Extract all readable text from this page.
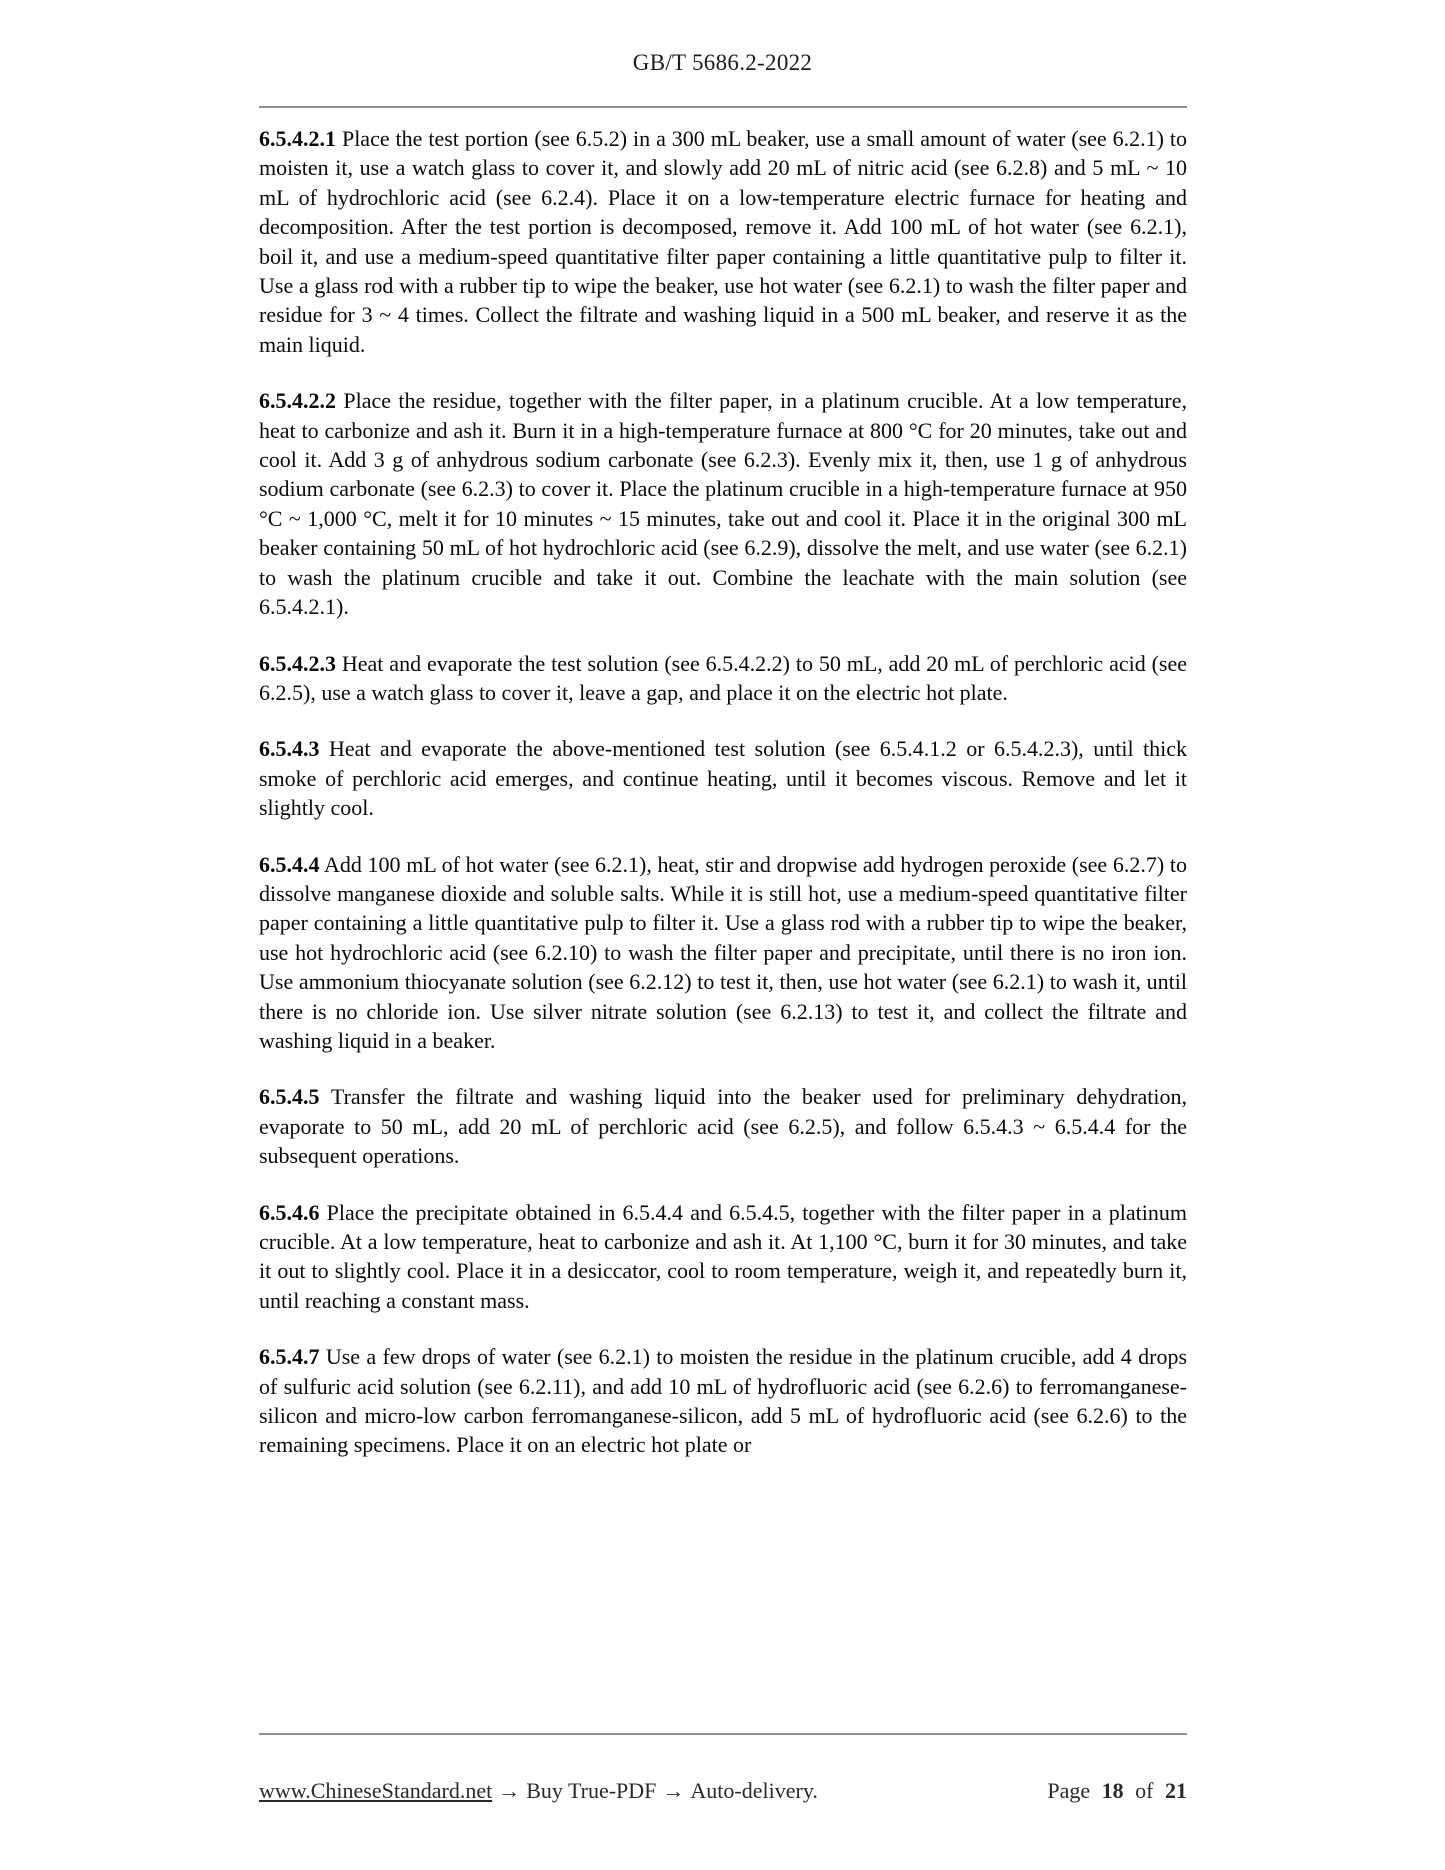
GB/T 5686.2-2022

6.5.4.2.1 Place the test portion (see 6.5.2) in a 300 mL beaker, use a small amount of water (see 6.2.1) to moisten it, use a watch glass to cover it, and slowly add 20 mL of nitric acid (see 6.2.8) and 5 mL ~ 10 mL of hydrochloric acid (see 6.2.4). Place it on a low-temperature electric furnace for heating and decomposition. After the test portion is decomposed, remove it. Add 100 mL of hot water (see 6.2.1), boil it, and use a medium-speed quantitative filter paper containing a little quantitative pulp to filter it. Use a glass rod with a rubber tip to wipe the beaker, use hot water (see 6.2.1) to wash the filter paper and residue for 3 ~ 4 times. Collect the filtrate and washing liquid in a 500 mL beaker, and reserve it as the main liquid.

6.5.4.2.2 Place the residue, together with the filter paper, in a platinum crucible. At a low temperature, heat to carbonize and ash it. Burn it in a high-temperature furnace at 800 °C for 20 minutes, take out and cool it. Add 3 g of anhydrous sodium carbonate (see 6.2.3). Evenly mix it, then, use 1 g of anhydrous sodium carbonate (see 6.2.3) to cover it. Place the platinum crucible in a high-temperature furnace at 950 °C ~ 1,000 °C, melt it for 10 minutes ~ 15 minutes, take out and cool it. Place it in the original 300 mL beaker containing 50 mL of hot hydrochloric acid (see 6.2.9), dissolve the melt, and use water (see 6.2.1) to wash the platinum crucible and take it out. Combine the leachate with the main solution (see 6.5.4.2.1).

6.5.4.2.3 Heat and evaporate the test solution (see 6.5.4.2.2) to 50 mL, add 20 mL of perchloric acid (see 6.2.5), use a watch glass to cover it, leave a gap, and place it on the electric hot plate.

6.5.4.3 Heat and evaporate the above-mentioned test solution (see 6.5.4.1.2 or 6.5.4.2.3), until thick smoke of perchloric acid emerges, and continue heating, until it becomes viscous. Remove and let it slightly cool.

6.5.4.4 Add 100 mL of hot water (see 6.2.1), heat, stir and dropwise add hydrogen peroxide (see 6.2.7) to dissolve manganese dioxide and soluble salts. While it is still hot, use a medium-speed quantitative filter paper containing a little quantitative pulp to filter it. Use a glass rod with a rubber tip to wipe the beaker, use hot hydrochloric acid (see 6.2.10) to wash the filter paper and precipitate, until there is no iron ion. Use ammonium thiocyanate solution (see 6.2.12) to test it, then, use hot water (see 6.2.1) to wash it, until there is no chloride ion. Use silver nitrate solution (see 6.2.13) to test it, and collect the filtrate and washing liquid in a beaker.

6.5.4.5 Transfer the filtrate and washing liquid into the beaker used for preliminary dehydration, evaporate to 50 mL, add 20 mL of perchloric acid (see 6.2.5), and follow 6.5.4.3 ~ 6.5.4.4 for the subsequent operations.

6.5.4.6 Place the precipitate obtained in 6.5.4.4 and 6.5.4.5, together with the filter paper in a platinum crucible. At a low temperature, heat to carbonize and ash it. At 1,100 °C, burn it for 30 minutes, and take it out to slightly cool. Place it in a desiccator, cool to room temperature, weigh it, and repeatedly burn it, until reaching a constant mass.

6.5.4.7 Use a few drops of water (see 6.2.1) to moisten the residue in the platinum crucible, add 4 drops of sulfuric acid solution (see 6.2.11), and add 10 mL of hydrofluoric acid (see 6.2.6) to ferromanganese-silicon and micro-low carbon ferromanganese-silicon, add 5 mL of hydrofluoric acid (see 6.2.6) to the remaining specimens. Place it on an electric hot plate or

www.ChineseStandard.net → Buy True-PDF → Auto-delivery.	Page 18 of 21
